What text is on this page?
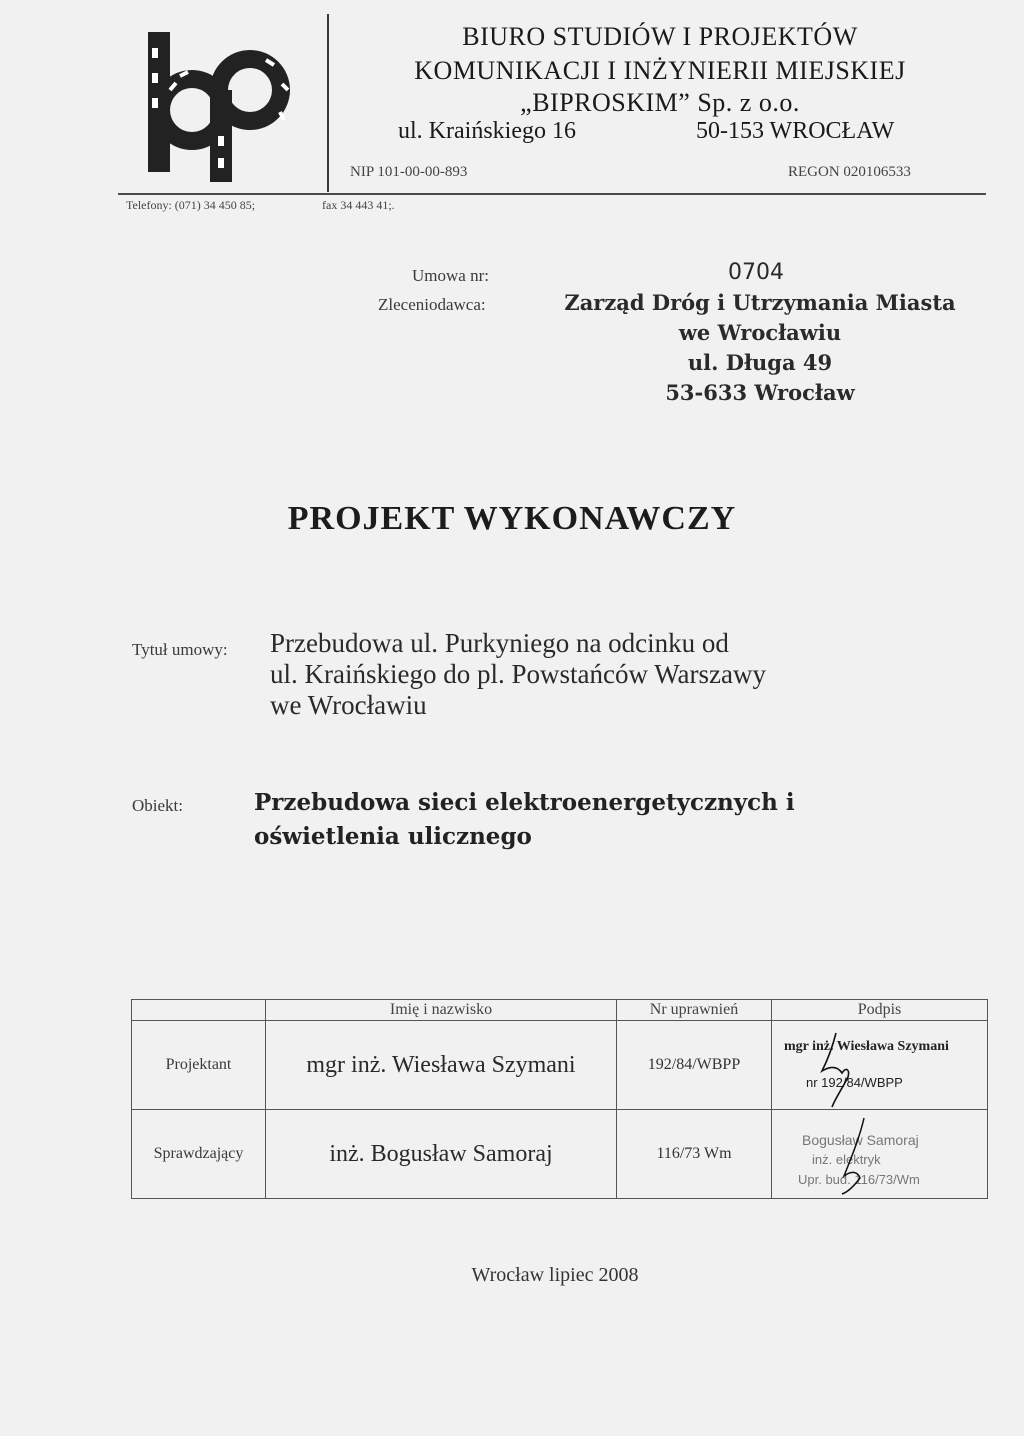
BIURO STUDIÓW I PROJEKTÓW
KOMUNIKACJI I INŻYNIERII MIEJSKIEJ
„BIPROSKIM” Sp. z o.o.
ul. Kraińskiego 16	50-153 WROCŁAW
NIP 101-00-00-893	REGON 020106533
Telefony: (071) 34 450 85;	fax 34 443 41;.
Umowa nr:	0704
Zleceniodawca:	Zarząd Dróg i Utrzymania Miasta
we Wrocławiu
ul. Długa 49
53-633 Wrocław
PROJEKT WYKONAWCZY
Tytuł umowy: Przebudowa ul. Purkyniego na odcinku od
ul. Kraińskiego do pl. Powstańców Warszawy
we Wrocławiu
Obiekt:	Przebudowa sieci elektroenergetycznych i
oświetlenia ulicznego
	Imię i nazwisko	Nr uprawnień	Podpis
Projektant	mgr inż. Wiesława Szymani	192/84/WBPP	mgr inż. Wiesława Szymani
nr 192/84/WBPP

Sprawdzający	inż. Bogusław Samoraj	116/73 Wm	Bogusław Samoraj
inż. elektryk
Upr. bud. 116/73/Wm
Wrocław lipiec 2008
